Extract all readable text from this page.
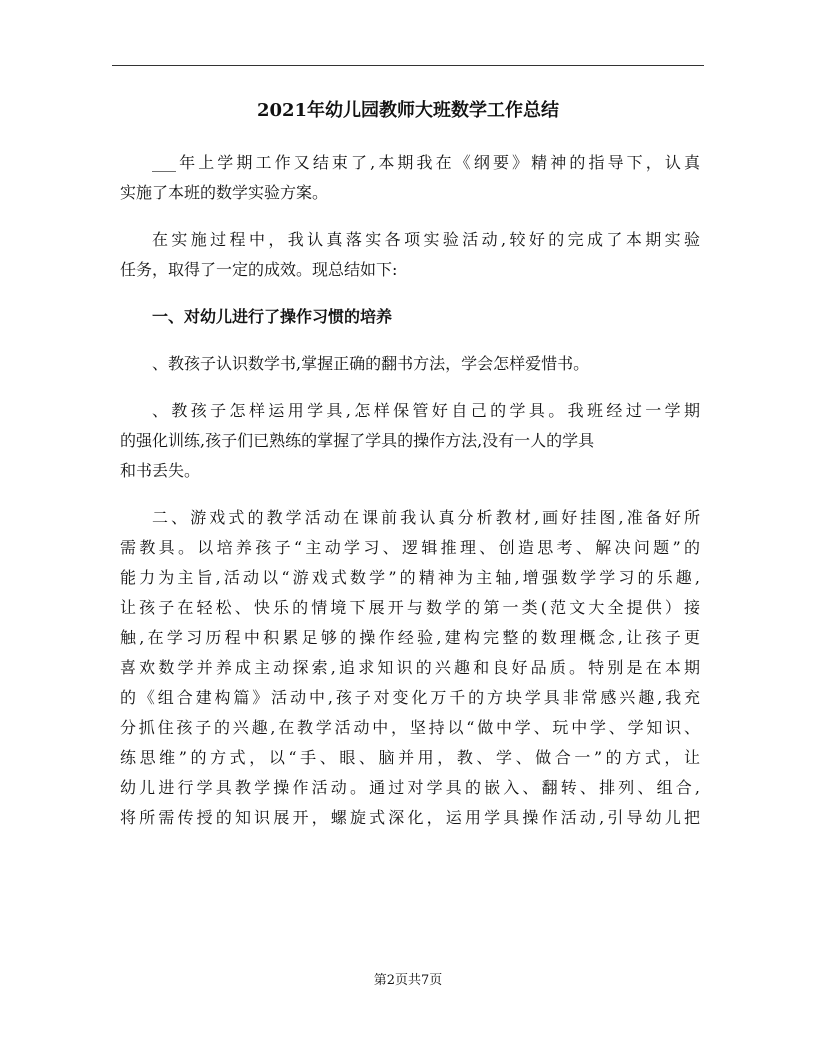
2021年幼儿园教师大班数学工作总结

___年上学期工作又结束了,本期我在《纲要》精神的指导下，认真
实施了本班的数学实验方案。

在实施过程中，我认真落实各项实验活动,较好的完成了本期实验
任务，取得了一定的成效。现总结如下:

一、对幼儿进行了操作习惯的培养

、教孩子认识数学书,掌握正确的翻书方法，学会怎样爱惜书。

、教孩子怎样运用学具,怎样保管好自己的学具。我班经过一学期
的强化训练,孩子们已熟练的掌握了学具的操作方法,没有一人的学具
和书丢失。

二、游戏式的教学活动在课前我认真分析教材,画好挂图,准备好所
需教具。以培养孩子“主动学习、逻辑推理、创造思考、解决问题”的
能力为主旨,活动以“游戏式数学”的精神为主轴,增强数学学习的乐趣,
让孩子在轻松、快乐的情境下展开与数学的第一类(范文大全提供）接
触,在学习历程中积累足够的操作经验,建构完整的数理概念,让孩子更
喜欢数学并养成主动探索,追求知识的兴趣和良好品质。特别是在本期
的《组合建构篇》活动中,孩子对变化万千的方块学具非常感兴趣,我充
分抓住孩子的兴趣,在教学活动中，坚持以“做中学、玩中学、学知识、
练思维”的方式，以“手、眼、脑并用，教、学、做合一”的方式，让
幼儿进行学具教学操作活动。通过对学具的嵌入、翻转、排列、组合,
将所需传授的知识展开，螺旋式深化，运用学具操作活动,引导幼儿把

第2页共7页
